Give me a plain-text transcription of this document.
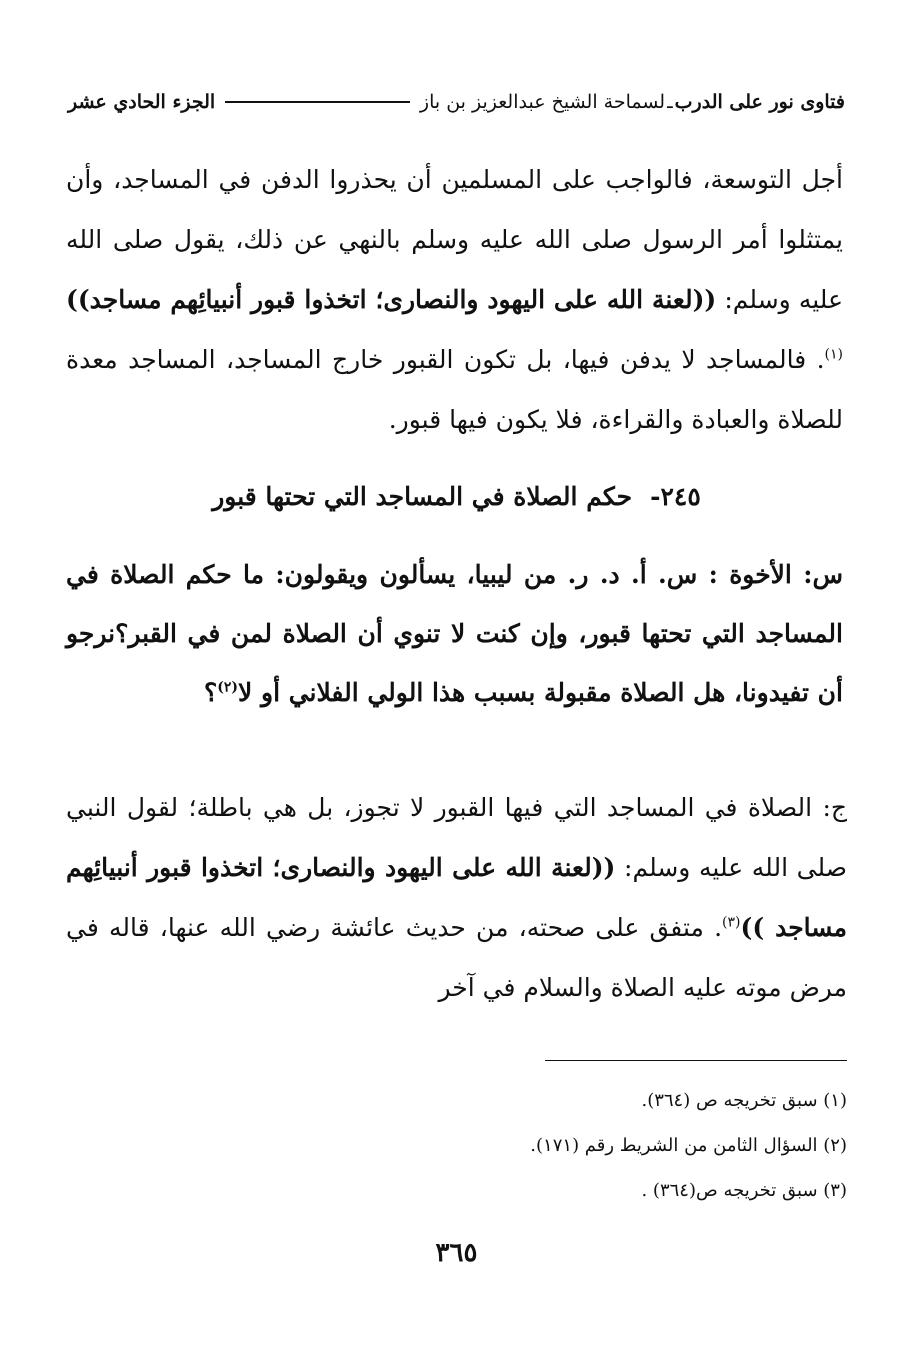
فتاوى نور على الدرب
ـ
لسماحة الشيخ عبدالعزيز بن باز
الجزء الحادي عشر
أجل التوسعة، فالواجب على المسلمين أن يحذروا الدفن في المساجد، وأن يمتثلوا أمر الرسول صلى الله عليه وسلم بالنهي عن ذلك، يقول صلى الله عليه وسلم: ((لعنة الله على اليهود والنصارى؛ اتخذوا قبور أنبيائِهم مساجد))$^{(١)}$. فالمساجد لا يدفن فيها، بل تكون القبور خارج المساجد، المساجد معدة للصلاة والعبادة والقراءة، فلا يكون فيها قبور.
٢٤٥-حكم الصلاة في المساجد التي تحتها قبور
س: الأخوة : س. أ. د. ر. من ليبيا، يسألون ويقولون: ما حكم الصلاة في المساجد التي تحتها قبور، وإن كنت لا تنوي أن الصلاة لمن في القبر؟نرجو أن تفيدونا، هل الصلاة مقبولة بسبب هذا الولي الفلاني أو لا$^{(٢)}$؟
ج: الصلاة في المساجد التي فيها القبور لا تجوز، بل هي باطلة؛ لقول النبي صلى الله عليه وسلم: ((لعنة الله على اليهود والنصارى؛ اتخذوا قبور أنبيائِهم مساجد ))$^{(٣)}$. متفق على صحته، من حديث عائشة رضي الله عنها، قاله في مرض موته عليه الصلاة والسلام في آخر
(١) سبق تخريجه ص (٣٦٤).
(٢) السؤال الثامن من الشريط رقم (١٧١).
(٣) سبق تخريجه ص(٣٦٤) .
٣٦٥
